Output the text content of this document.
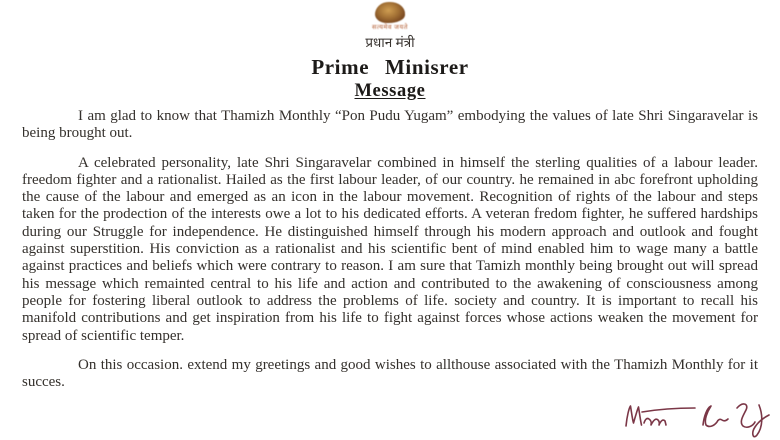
सत्यमेव जयते
प्रधान मंत्री
Prime Minisrer
Message

I am glad to know that Thamizh Monthly “Pon Pudu Yugam” embodying the values of late Shri Singaravelar is being brought out.

A celebrated personality, late Shri Singaravelar combined in himself the sterling qualities of a labour leader. freedom fighter and a rationalist. Hailed as the first labour leader, of our country. he remained in abc forefront upholding the cause of the labour and emerged as an icon in the labour movement. Recognition of rights of the labour and steps taken for the prodection of the interests owe a lot to his dedicated efforts. A veteran fredom fighter, he suffered hardships during our Struggle for independence. He distinguished himself through his modern approach and outlook and fought against superstition. His conviction as a rationalist and his scientific bent of mind enabled him to wage many a battle against practices and beliefs which were contrary to reason. I am sure that Tamizh monthly being brought out will spread his message which remainted central to his life and action and contributed to the awakening of consciousness among people for fostering liberal outlook to address the problems of life. society and country. It is important to recall his manifold contributions and get inspiration from his life to fight against forces whose actions weaken the movement for spread of scientific temper.

On this occasion. extend my greetings and good wishes to allthouse associated with the Thamizh Monthly for it succes.
